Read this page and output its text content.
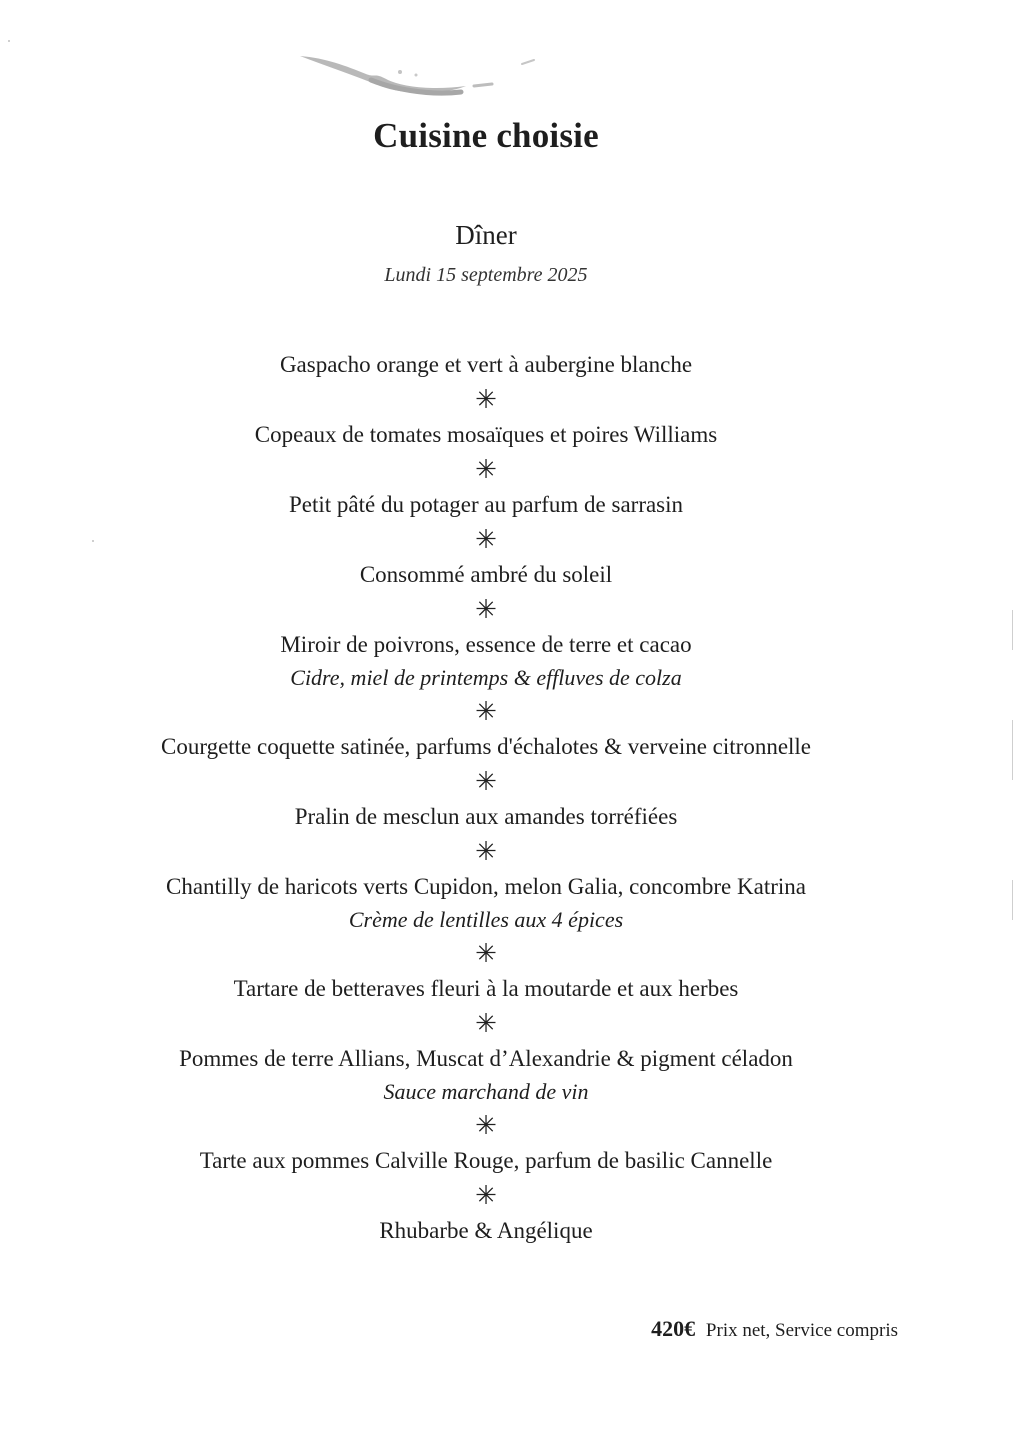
Cuisine choisie
Dîner
Lundi 15 septembre 2025
Gaspacho orange et vert à aubergine blanche
✳
Copeaux de tomates mosaïques et poires Williams
✳
Petit pâté du potager au parfum de sarrasin
✳
Consommé ambré du soleil
✳
Miroir de poivrons, essence de terre et cacao
Cidre, miel de printemps & effluves de colza
✳
Courgette coquette satinée, parfums d'échalotes & verveine citronnelle
✳
Pralin de mesclun aux amandes torréfiées
✳
Chantilly de haricots verts Cupidon, melon Galia, concombre Katrina
Crème de lentilles aux 4 épices
✳
Tartare de betteraves fleuri à la moutarde et aux herbes
✳
Pommes de terre Allians, Muscat d’Alexandrie & pigment céladon
Sauce marchand de vin
✳
Tarte aux pommes Calville Rouge, parfum de basilic Cannelle
✳
Rhubarbe & Angélique
420€ Prix net, Service compris
